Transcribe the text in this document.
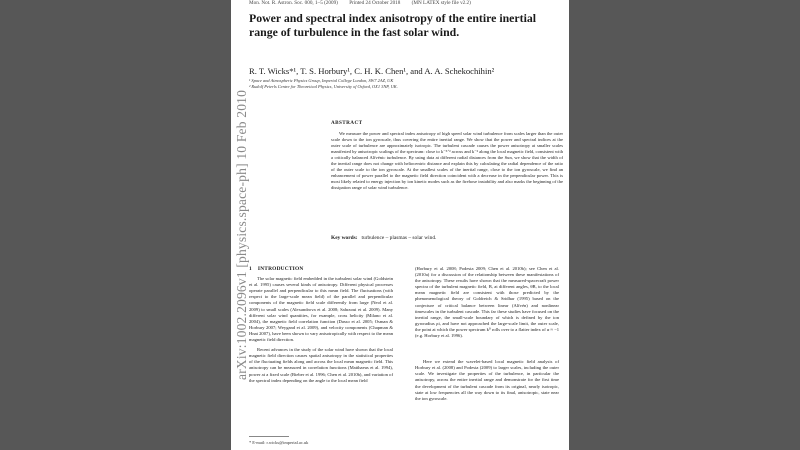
Mon. Not. R. Astron. Soc. 000, 1–5 (2009) Printed 24 October 2018 (MN LATEX style file v2.2)
arXiv:1002.2096v1 [physics.space-ph] 10 Feb 2010
Power and spectral index anisotropy of the entire inertial range of turbulence in the fast solar wind.
R. T. Wicks*¹, T. S. Horbury¹, C. H. K. Chen¹, and A. A. Schekochihin²
¹ Space and Atmospheric Physics Group, Imperial College London, SW7 2AZ, UK
² Rudolf Peierls Centre for Theoretical Physics, University of Oxford, OX1 3NP, UK.
ABSTRACT
We measure the power and spectral index anisotropy of high speed solar wind turbulence from scales larger than the outer scale down to the ion gyroscale, thus covering the entire inertial range. We show that the power and spectral indices at the outer scale of turbulence are approximately isotropic. The turbulent cascade causes the power anisotropy at smaller scales manifested by anisotropic scalings of the spectrum: close to k⁻⁵ᐟ³ across and k⁻² along the local magnetic field, consistent with a critically balanced Alfvénic turbulence. By using data at different radial distances from the Sun, we show that the width of the inertial range does not change with heliocentric distance and explain this by calculating the radial dependence of the ratio of the outer scale to the ion gyroscale. At the smallest scales of the inertial range, close to the ion gyroscale, we find an enhancement of power parallel to the magnetic field direction coincident with a decrease in the perpendicular power. This is most likely related to energy injection by ion kinetic modes such as the firehose instability and also marks the beginning of the dissipation range of solar wind turbulence.
Key words: turbulence – plasmas – solar wind.
1 INTRODUCTION

The solar magnetic field embedded in the turbulent solar wind (Goldstein et al. 1995) causes several kinds of anisotropy. Different physical processes operate parallel and perpendicular to this mean field. The fluctuations (with respect to the large-scale mean field) of the parallel and perpendicular components of the magnetic field scale differently from large (Neol et al. 2009) to small scales (Alexandrova et al. 2008; Sahraoui et al. 2009). Many different solar wind quantities, for example, cross helicity (Milano et al. 2004), the magnetic field correlation function (Dasso et al. 2005; Osman & Horbury 2007; Weygand et al. 2009), and velocity components (Chapman & Hnat 2007), have been shown to vary anisotropically with respect to the mean magnetic field direction.

Recent advances in the study of the solar wind have shown that the local magnetic field direction causes spatial anisotropy in the statistical properties of the fluctuating fields along and across the local mean magnetic field. This anisotropy can be measured in correlation functions (Matthaeus et al. 1994), power at a fixed scale (Bieber et al. 1996; Chen et al. 2010b), and variation of the spectral index depending on the angle to the local mean field

(Horbury et al. 2008; Podesta 2009; Chen et al. 2010b); see Chen et al. (2010a) for a discussion of the relationship between these manifestations of the anisotropy. These results have shown that the measured-spacecraft power spectra of the turbulent magnetic field, B, at different angles, θB, to the local mean magnetic field are consistent with those predicted by the phenomenological theory of Goldreich & Sridhar (1995) based on the conjecture of critical balance between linear (Alfvén) and nonlinear timescales in the turbulent cascade. This far these studies have focused on the inertial range, the small-scale boundary of which is defined by the ion gyroradius ρi, and have not approached the large-scale limit, the outer scale, the point at which the power spectrum k⁰ rolls over to a flatter index of α ≈ −1 (e.g. Horbury et al. 1996).

Here we extend the wavelet-based local magnetic field analysis of Horbury et al. (2008) and Podesta (2009) to larger scales, including the outer scale. We investigate the properties of the turbulence, in particular the anisotropy, across the entire inertial range and demonstrate for the first time the development of the turbulent cascade from its original, nearly isotropic, state at low frequencies all the way down to its final, anisotropic, state near the ion gyroscale.

* E-mail: r.wicks@imperial.ac.uk
